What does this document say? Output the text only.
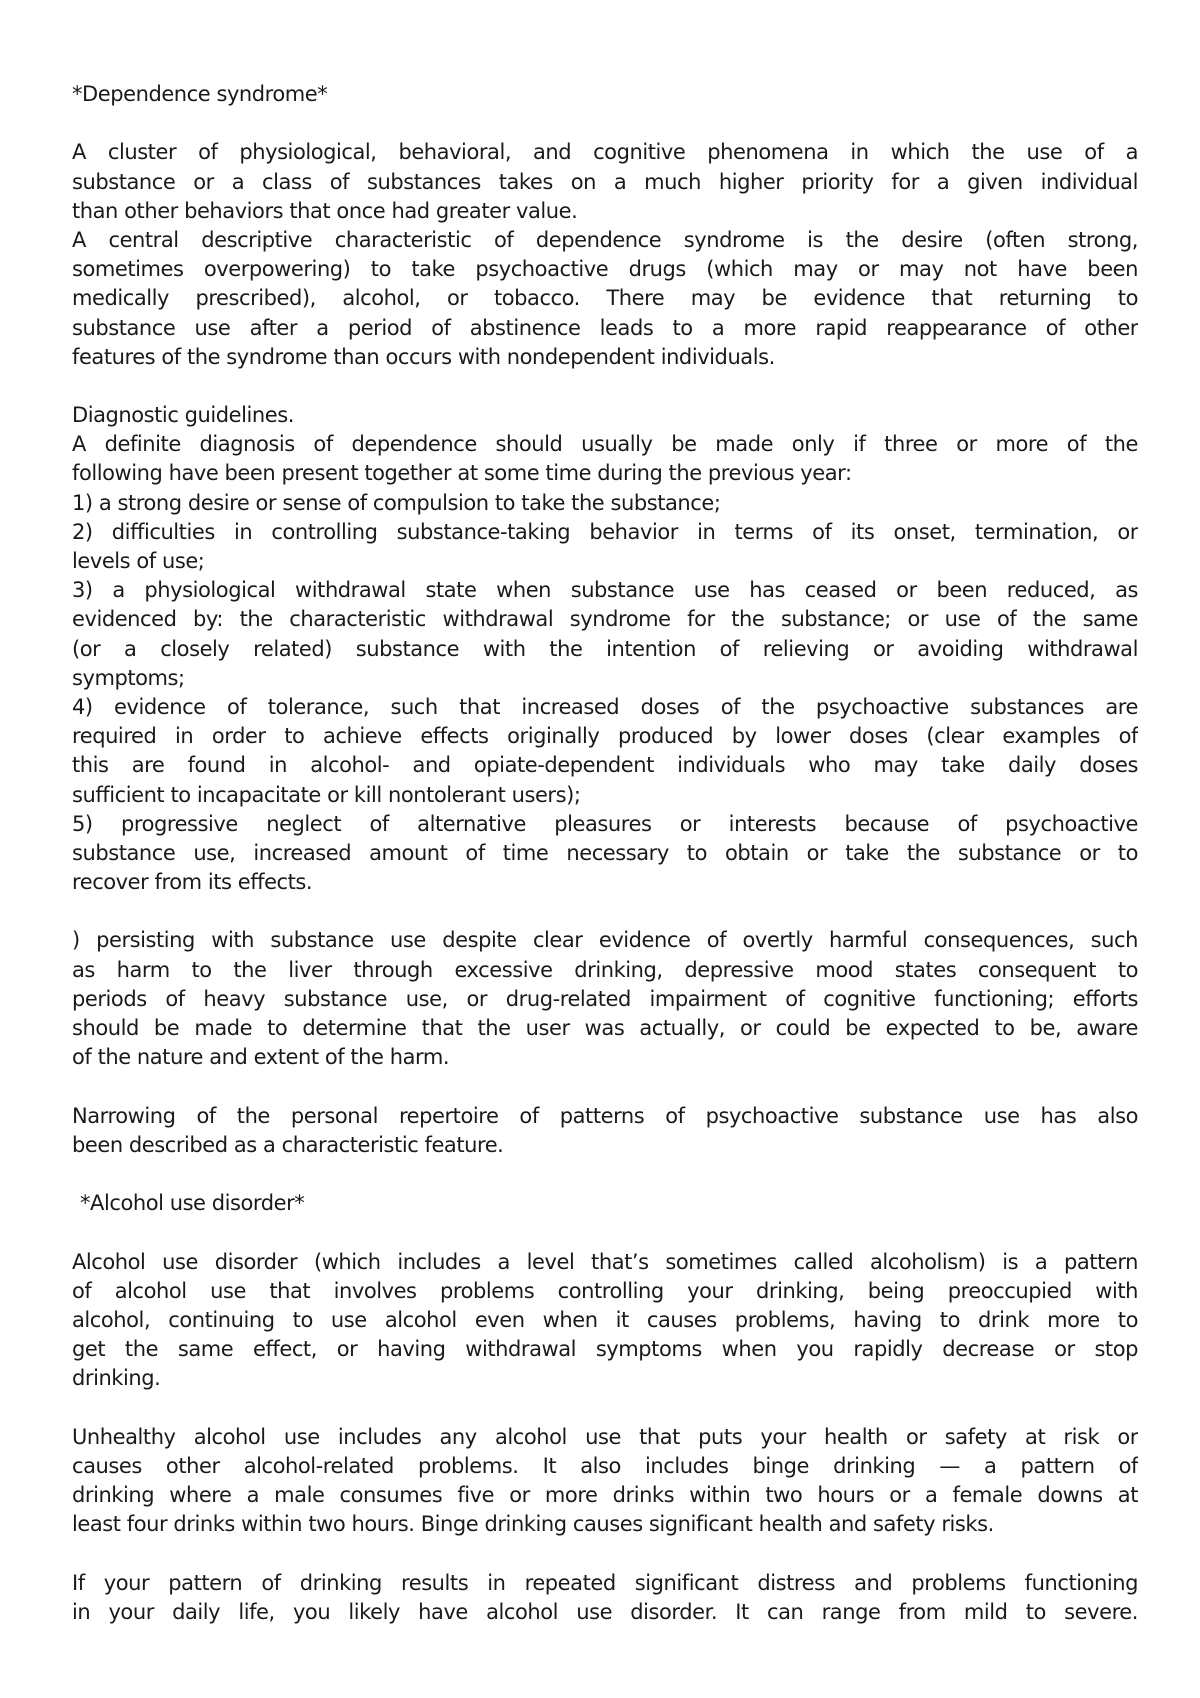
*Dependence syndrome*
A cluster of physiological, behavioral, and cognitive phenomena in which the use of a
substance or a class of substances takes on a much higher priority for a given individual
than other behaviors that once had greater value.
A central descriptive characteristic of dependence syndrome is the desire (often strong,
sometimes overpowering) to take psychoactive drugs (which may or may not have been
medically prescribed), alcohol, or tobacco. There may be evidence that returning to
substance use after a period of abstinence leads to a more rapid reappearance of other
features of the syndrome than occurs with nondependent individuals.
Diagnostic guidelines.
A definite diagnosis of dependence should usually be made only if three or more of the
following have been present together at some time during the previous year:
1) a strong desire or sense of compulsion to take the substance;
2) difficulties in controlling substance-taking behavior in terms of its onset, termination, or
levels of use;
3) a physiological withdrawal state when substance use has ceased or been reduced, as
evidenced by: the characteristic withdrawal syndrome for the substance; or use of the same
(or a closely related) substance with the intention of relieving or avoiding withdrawal
symptoms;
4) evidence of tolerance, such that increased doses of the psychoactive substances are
required in order to achieve effects originally produced by lower doses (clear examples of
this are found in alcohol- and opiate-dependent individuals who may take daily doses
sufficient to incapacitate or kill nontolerant users);
5) progressive neglect of alternative pleasures or interests because of psychoactive
substance use, increased amount of time necessary to obtain or take the substance or to
recover from its effects.
) persisting with substance use despite clear evidence of overtly harmful consequences, such
as harm to the liver through excessive drinking, depressive mood states consequent to
periods of heavy substance use, or drug-related impairment of cognitive functioning; efforts
should be made to determine that the user was actually, or could be expected to be, aware
of the nature and extent of the harm.
Narrowing of the personal repertoire of patterns of psychoactive substance use has also
been described as a characteristic feature.
*Alcohol use disorder*
Alcohol use disorder (which includes a level that’s sometimes called alcoholism) is a pattern
of alcohol use that involves problems controlling your drinking, being preoccupied with
alcohol, continuing to use alcohol even when it causes problems, having to drink more to
get the same effect, or having withdrawal symptoms when you rapidly decrease or stop
drinking.
Unhealthy alcohol use includes any alcohol use that puts your health or safety at risk or
causes other alcohol-related problems. It also includes binge drinking — a pattern of
drinking where a male consumes five or more drinks within two hours or a female downs at
least four drinks within two hours. Binge drinking causes significant health and safety risks.
If your pattern of drinking results in repeated significant distress and problems functioning
in your daily life, you likely have alcohol use disorder. It can range from mild to severe.
